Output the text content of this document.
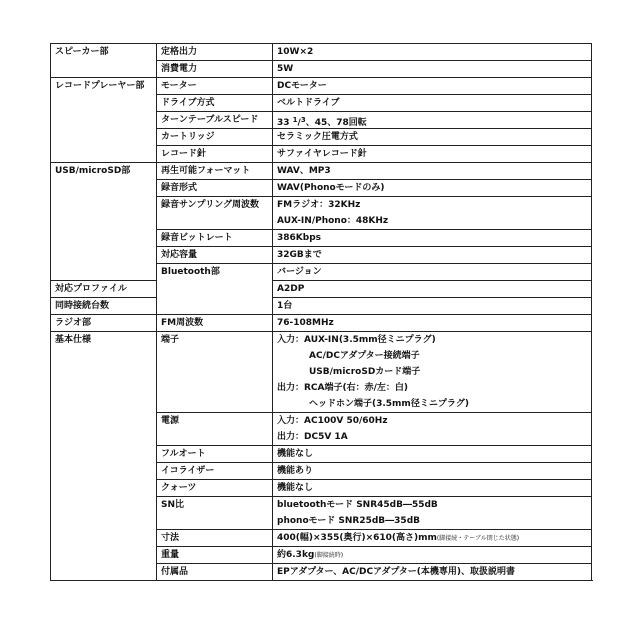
スピーカー部	定格出力	10W×2	

	消費電力	5W	

レコードプレーヤー部	モーター	DCモーター	

	ドライブ方式	ベルトドライブ	

	ターンテーブルスピード	33 $^1$/$^3$、45、78回転	

	カートリッジ	セラミック圧電方式	

	レコード針	サファイヤレコード針	

USB/microSD部	再生可能フォーマット	WAV、MP3	

	録音形式	WAV(Phonoモードのみ)	

	録音サンプリング周波数	FMラジオ：32KHz
AUX-IN/Phono：48KHz	

	録音ビットレート	386Kbps	

	対応容量	32GBまで	

	Bluetooth部	バージョン	

対応プロファイル		A2DP	

同時接続台数		1台	

ラジオ部	FM周波数	76-108MHz	

基本仕様	端子	入力：AUX-IN(3.5mm径ミニプラグ)
AC/DCアダプター接続端子
USB/microSDカード端子
出力：RCA端子(右：赤/左：白)
ヘッドホン端子(3.5mm径ミニプラグ)	

	電源	入力：AC100V 50/60Hz
出力：DC5V 1A	

	フルオート	機能なし	

	イコライザー	機能あり	

	クォーツ	機能なし	

	SN比	bluetoothモード SNR45dB―55dB
phonoモード SNR25dB―35dB	

	寸法	400(幅)×355(奥行)×610(高さ)mm(脚接続・テーブル閉じた状態)	

	重量	約6.3kg(脚接続時)	

	付属品	EPアダプター、AC/DCアダプター(本機専用)、取扱説明書	
